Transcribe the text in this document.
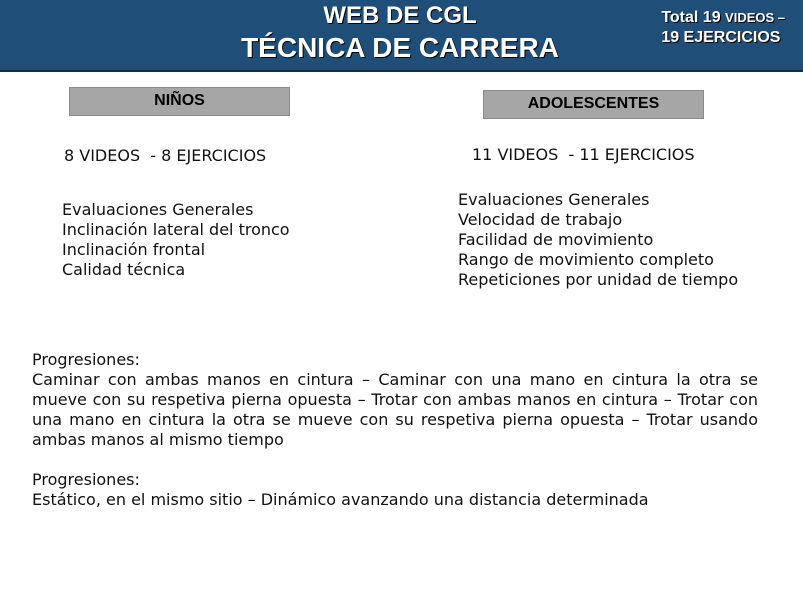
WEB DE CGL
TÉCNICA DE CARRERA
Total 19 VIDEOS –
19 EJERCICIOS
NIÑOS	ADOLESCENTES
8 VIDEOS  - 8 EJERCICIOS	11 VIDEOS  - 11 EJERCICIOS
Evaluaciones Generales
Inclinación lateral del tronco
Inclinación frontal
Calidad técnica
Evaluaciones Generales
Velocidad de trabajo
Facilidad de movimiento
Rango de movimiento completo
Repeticiones por unidad de tiempo
Progresiones:
Caminar con ambas manos en cintura – Caminar con una mano en cintura la otra se mueve con su respetiva pierna opuesta – Trotar con ambas manos en cintura – Trotar con una mano en cintura la otra se mueve con su respetiva pierna opuesta – Trotar usando ambas manos al mismo tiempo
Progresiones:
Estático, en el mismo sitio – Dinámico avanzando una distancia determinada
